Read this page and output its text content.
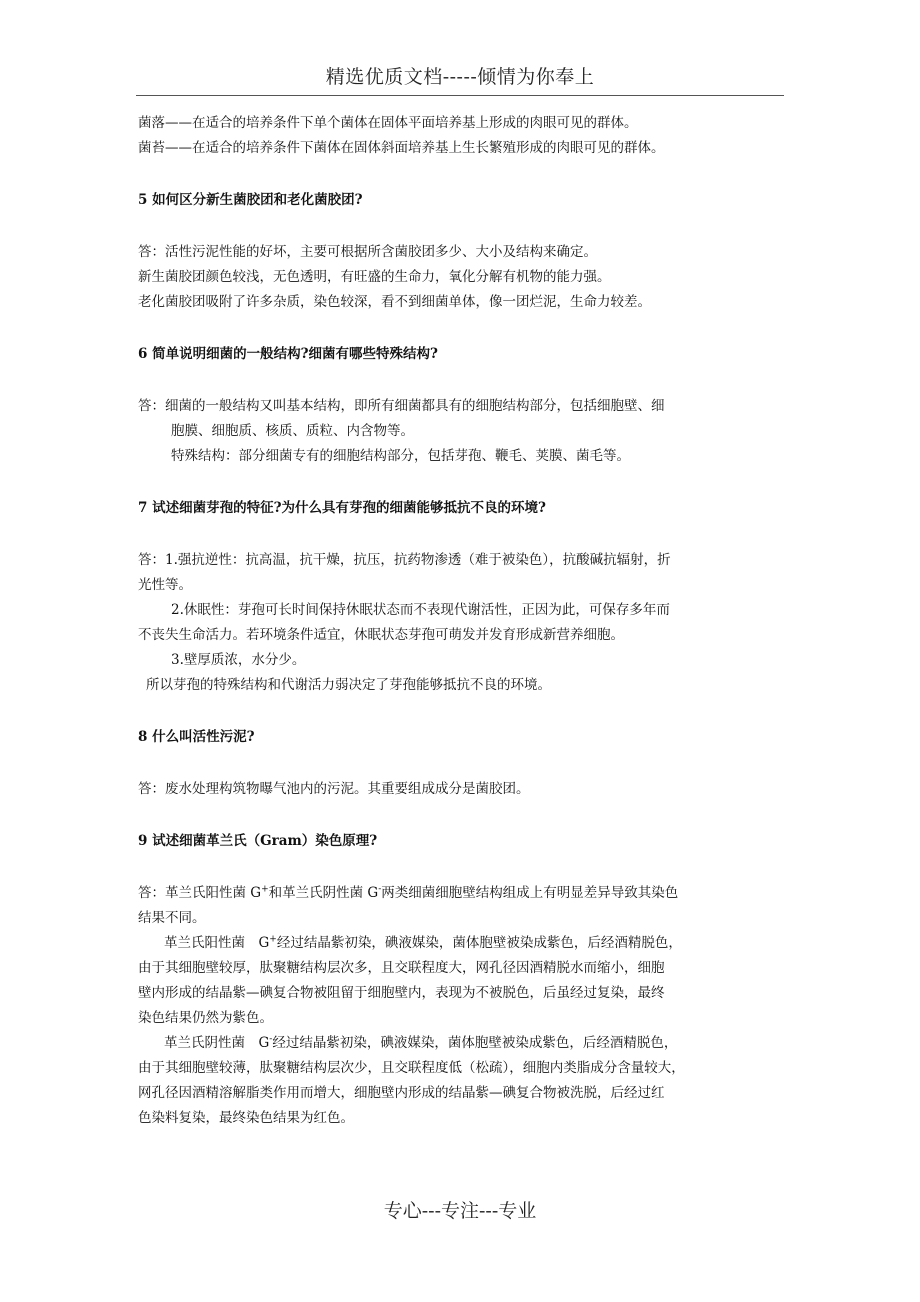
精选优质文档-----倾情为你奉上
菌落——在适合的培养条件下单个菌体在固体平面培养基上形成的肉眼可见的群体。
菌苔——在适合的培养条件下菌体在固体斜面培养基上生长繁殖形成的肉眼可见的群体。
5 如何区分新生菌胶团和老化菌胶团?
答：活性污泥性能的好坏，主要可根据所含菌胶团多少、大小及结构来确定。
新生菌胶团颜色较浅，无色透明，有旺盛的生命力，氧化分解有机物的能力强。
老化菌胶团吸附了许多杂质，染色较深，看不到细菌单体，像一团烂泥，生命力较差。
6 简单说明细菌的一般结构?细菌有哪些特殊结构?
答：细菌的一般结构又叫基本结构，即所有细菌都具有的细胞结构部分，包括细胞壁、细
胞膜、细胞质、核质、质粒、内含物等。
特殊结构：部分细菌专有的细胞结构部分，包括芽孢、鞭毛、荚膜、菌毛等。
7 试述细菌芽孢的特征?为什么具有芽孢的细菌能够抵抗不良的环境?
答：1.强抗逆性：抗高温，抗干燥，抗压，抗药物渗透（难于被染色），抗酸碱抗辐射，折
光性等。
2.休眠性：芽孢可长时间保持休眠状态而不表现代谢活性，正因为此，可保存多年而
不丧失生命活力。若环境条件适宜，休眠状态芽孢可萌发并发育形成新营养细胞。
3.壁厚质浓，水分少。
所以芽孢的特殊结构和代谢活力弱决定了芽孢能够抵抗不良的环境。
8 什么叫活性污泥?
答：废水处理构筑物曝气池内的污泥。其重要组成成分是菌胶团。
9 试述细菌革兰氏（Gram）染色原理?
答：革兰氏阳性菌 G+和革兰氏阴性菌 G-两类细菌细胞壁结构组成上有明显差异导致其染色
结果不同。
革兰氏阳性菌　G+经过结晶紫初染，碘液媒染，菌体胞壁被染成紫色，后经酒精脱色，
由于其细胞壁较厚，肽聚糖结构层次多，且交联程度大，网孔径因酒精脱水而缩小，细胞
壁内形成的结晶紫—碘复合物被阻留于细胞壁内，表现为不被脱色，后虽经过复染，最终
染色结果仍然为紫色。
革兰氏阴性菌　G-经过结晶紫初染，碘液媒染，菌体胞壁被染成紫色，后经酒精脱色，
由于其细胞壁较薄，肽聚糖结构层次少，且交联程度低（松疏），细胞内类脂成分含量较大，
网孔径因酒精溶解脂类作用而增大，细胞壁内形成的结晶紫—碘复合物被洗脱，后经过红
色染料复染，最终染色结果为红色。
专心---专注---专业
